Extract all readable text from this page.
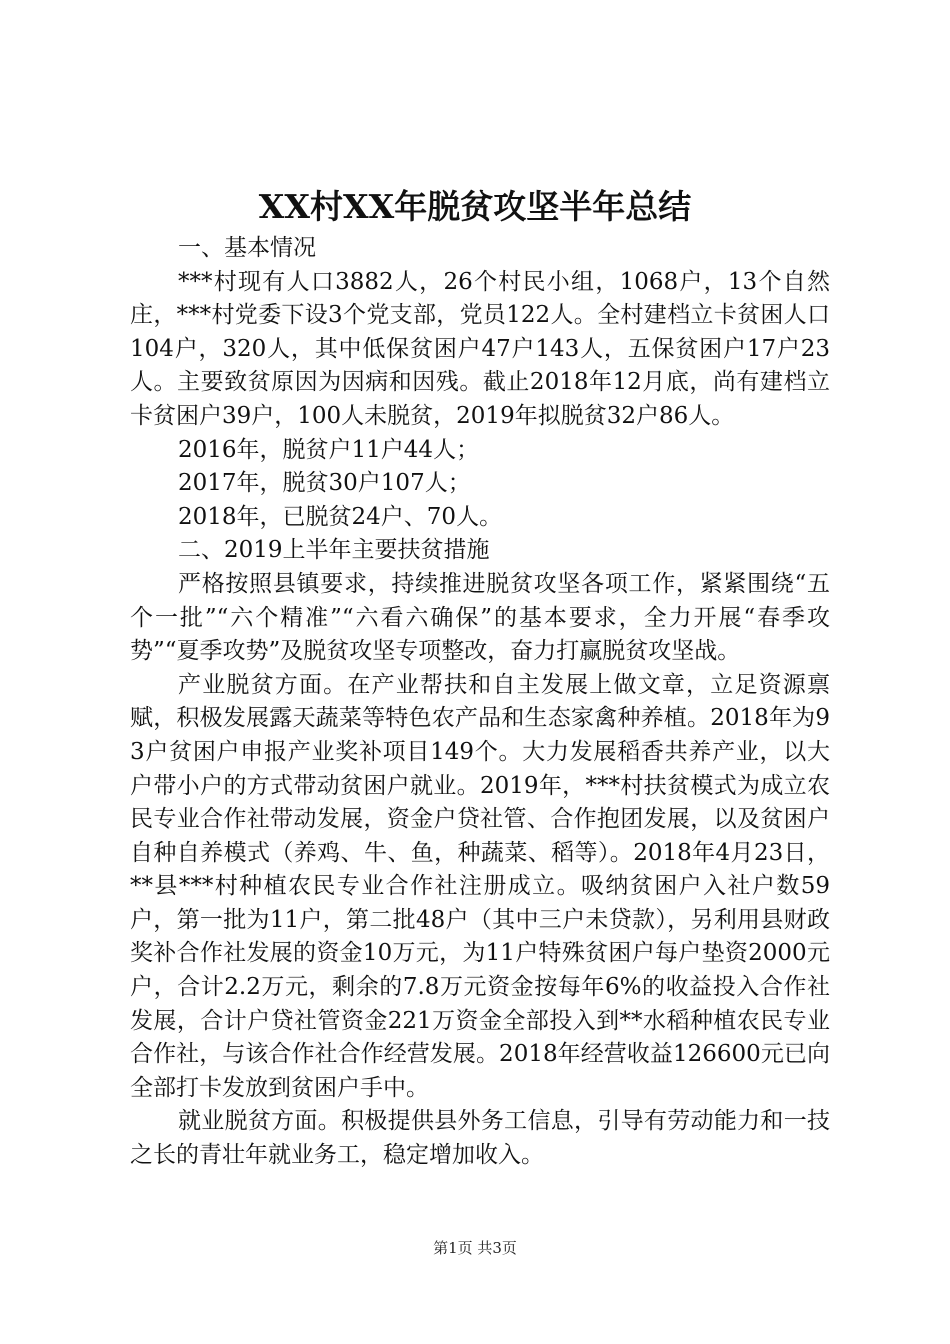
XX村XX年脱贫攻坚半年总结

一、基本情况

***村现有人口3882人，26个村民小组，1068户，13个自然庄，***村党委下设3个党支部，党员122人。全村建档立卡贫困人口104户，320人，其中低保贫困户47户143人，五保贫困户17户23人。主要致贫原因为因病和因残。截止2018年12月底，尚有建档立卡贫困户39户，100人未脱贫，2019年拟脱贫32户86人。

2016年，脱贫户11户44人；

2017年，脱贫30户107人；

2018年，已脱贫24户、70人。

二、2019上半年主要扶贫措施

严格按照县镇要求，持续推进脱贫攻坚各项工作，紧紧围绕“五个一批”“六个精准”“六看六确保”的基本要求，全力开展“春季攻势”“夏季攻势”及脱贫攻坚专项整改，奋力打赢脱贫攻坚战。

产业脱贫方面。在产业帮扶和自主发展上做文章，立足资源禀赋，积极发展露天蔬菜等特色农产品和生态家禽种养植。2018年为93户贫困户申报产业奖补项目149个。大力发展稻香共养产业，以大户带小户的方式带动贫困户就业。2019年，***村扶贫模式为成立农民专业合作社带动发展，资金户贷社管、合作抱团发展，以及贫困户自种自养模式（养鸡、牛、鱼，种蔬菜、稻等）。2018年4月23日，**县***村种植农民专业合作社注册成立。吸纳贫困户入社户数59户，第一批为11户，第二批48户（其中三户未贷款），另利用县财政奖补合作社发展的资金10万元，为11户特殊贫困户每户垫资2000元户，合计2.2万元，剩余的7.8万元资金按每年6%的收益投入合作社发展，合计户贷社管资金221万资金全部投入到**水稻种植农民专业合作社，与该合作社合作经营发展。2018年经营收益126600元已向全部打卡发放到贫困户手中。

就业脱贫方面。积极提供县外务工信息，引导有劳动能力和一技之长的青壮年就业务工，稳定增加收入。

第1页 共3页
